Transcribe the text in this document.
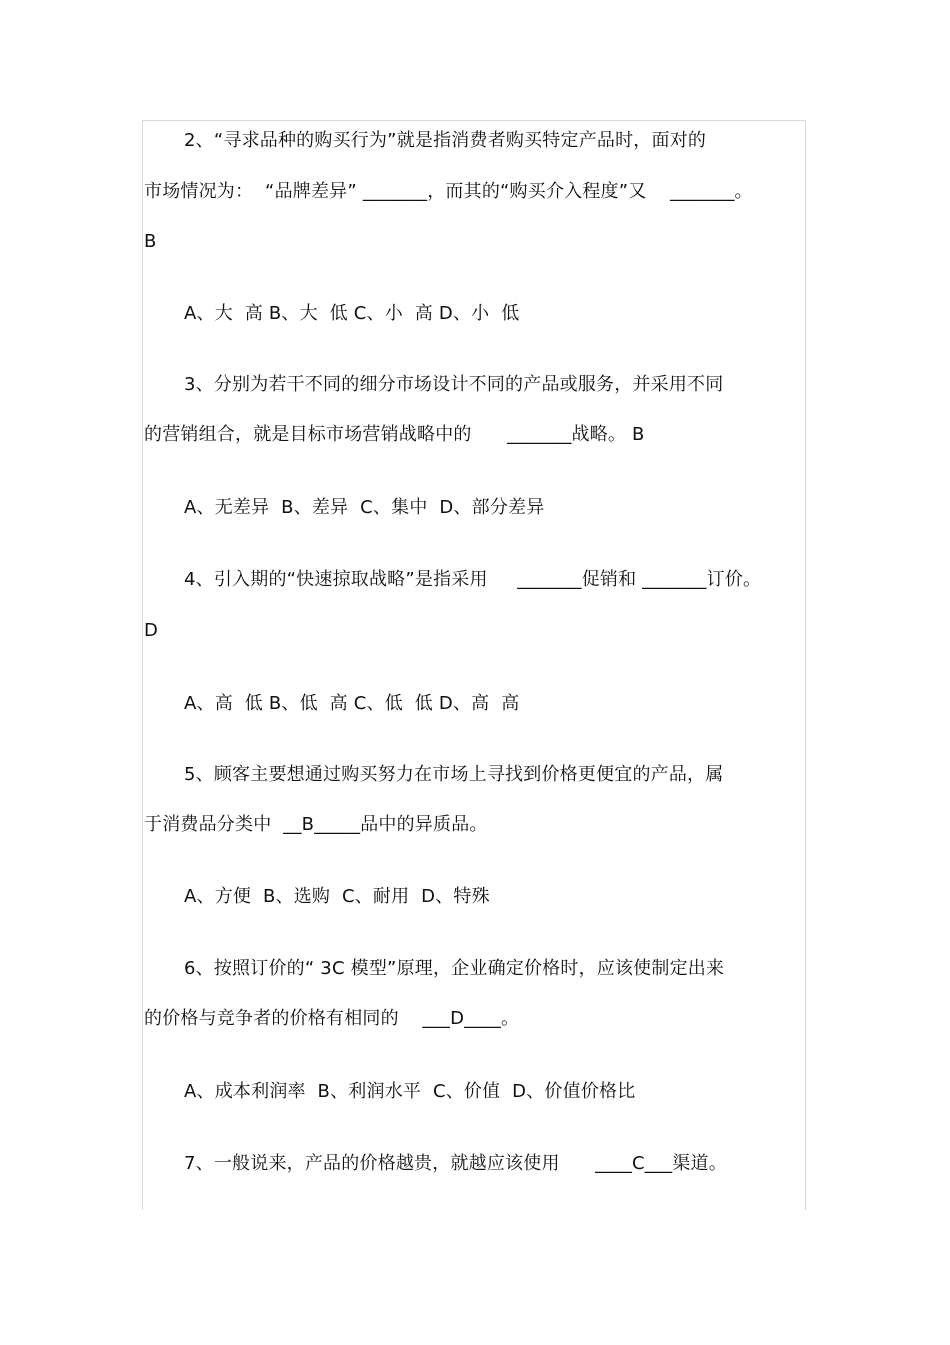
2、“寻求品种的购买行为”就是指消费者购买特定产品时，面对的
市场情况为：  “品牌差异” _______，而其的“购买介入程度”又    _______。
B
A、大  高 B、大  低 C、小  高 D、小  低
3、分别为若干不同的细分市场设计不同的产品或服务，并采用不同
的营销组合，就是目标市场营销战略中的      _______战略。 B
A、无差异  B、差异  C、集中  D、部分差异
4、引入期的“快速掠取战略”是指采用     _______促销和 _______订价。
D
A、高  低 B、低  高 C、低  低 D、高  高
5、顾客主要想通过购买努力在市场上寻找到价格更便宜的产品，属
于消费品分类中  __B_____品中的异质品。
A、方便  B、选购  C、耐用  D、特殊
6、按照订价的“ 3C 模型”原理，企业确定价格时，应该使制定出来
的价格与竞争者的价格有相同的    ___D____。
A、成本利润率  B、利润水平  C、价值  D、价值价格比
7、一般说来，产品的价格越贵，就越应该使用      ____C___渠道。
